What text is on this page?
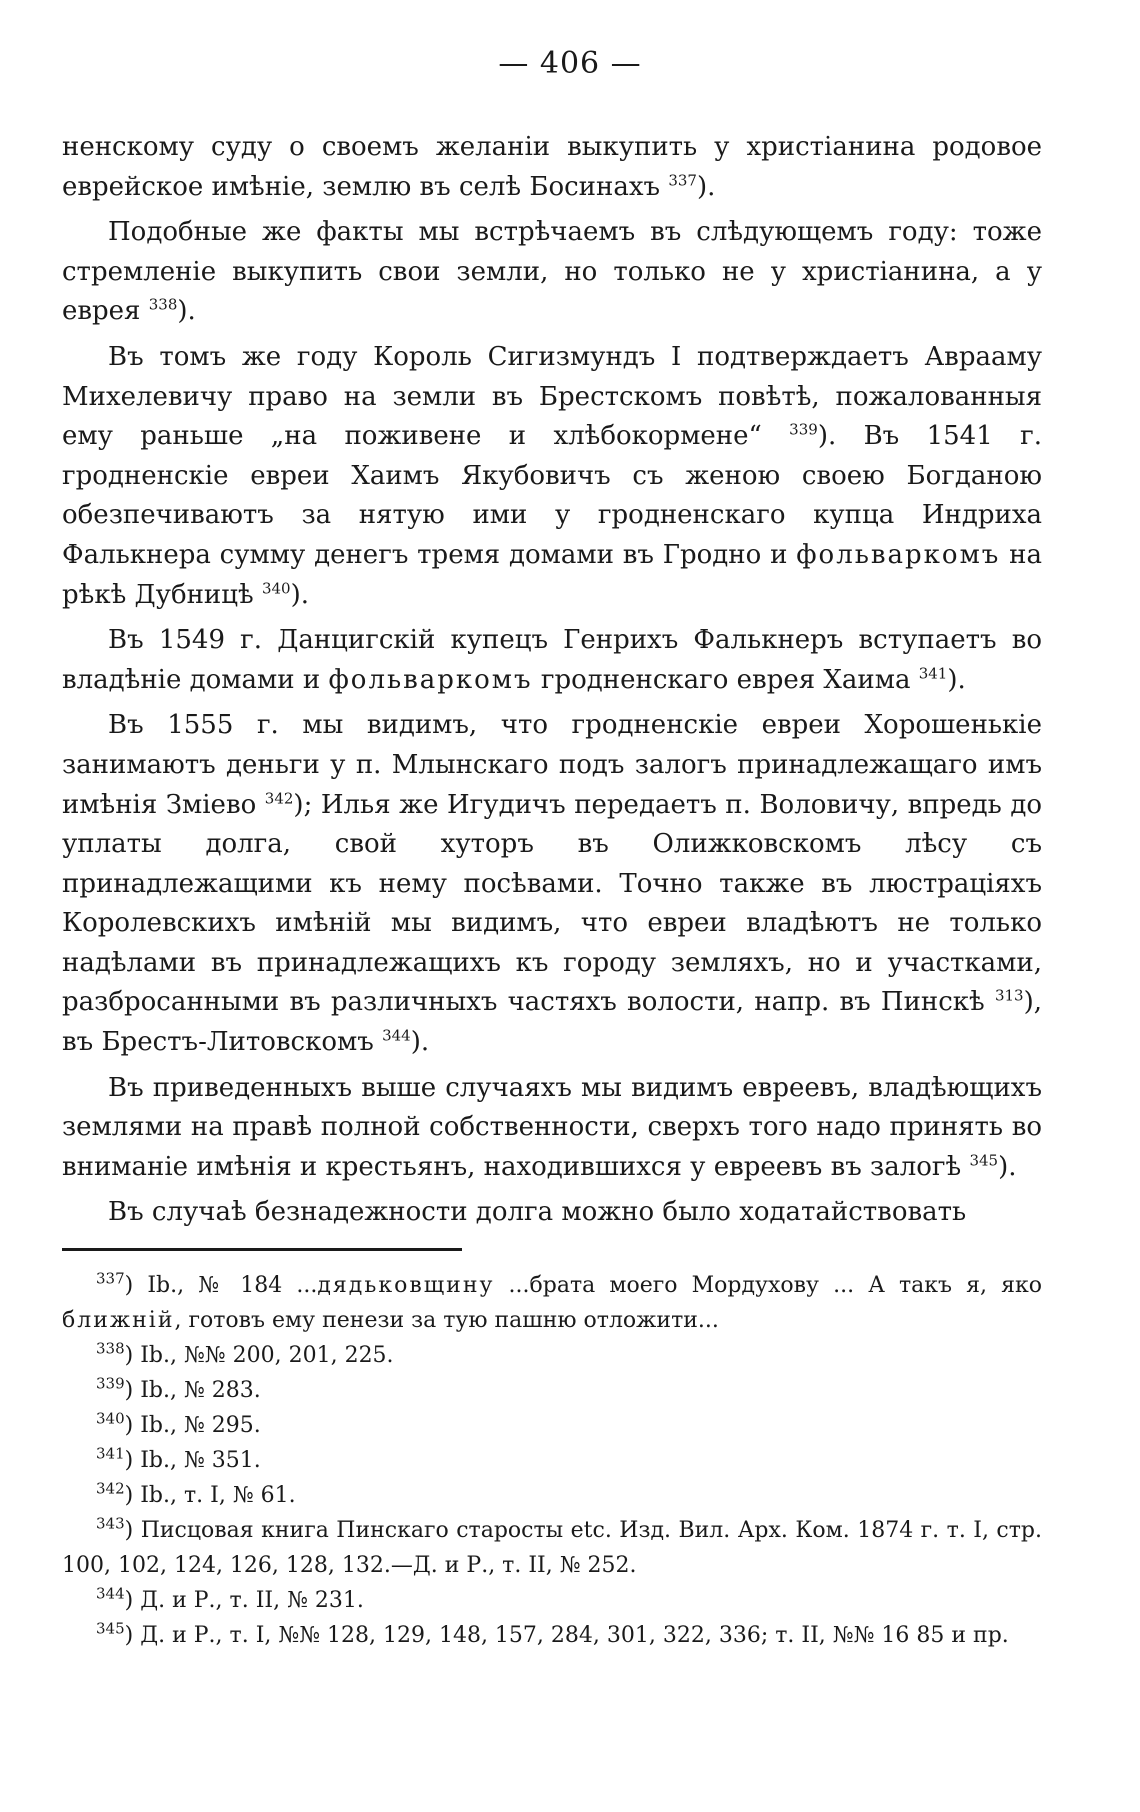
— 406 —

ненскому суду о своемъ желаніи выкупить у христіанина родовое еврейское имѣніе, землю въ селѣ Босинахъ $^{337}$).

Подобные же факты мы встрѣчаемъ въ слѣдующемъ году: тоже стремленіе выкупить свои земли, но только не у христіанина, а у еврея $^{338}$).

Въ томъ же году Король Сигизмундъ I подтверждаетъ Аврааму Михелевичу право на земли въ Брестскомъ повѣтѣ, пожалованныя ему раньше „на поживене и хлѣбокормене“ $^{339}$). Въ 1541 г. гродненскіе евреи Хаимъ Якубовичъ съ женою своею Богданою обезпечиваютъ за нятую ими у гродненскаго купца Индриха Фалькнера сумму денегъ тремя домами въ Гродно и фольваркомъ на рѣкѣ Дубницѣ $^{340}$).

Въ 1549 г. Данцигскій купецъ Генрихъ Фалькнеръ вступаетъ во владѣніе домами и фольваркомъ гродненскаго еврея Хаима $^{341}$).

Въ 1555 г. мы видимъ, что гродненскіе евреи Хорошенькіе занимаютъ деньги у п. Млынскаго подъ залогъ принадлежащаго имъ имѣнія Зміево $^{342}$); Илья же Игудичъ передаетъ п. Воловичу, впредь до уплаты долга, свой хуторъ въ Олижковскомъ лѣсу съ принадлежащими къ нему посѣвами. Точно также въ люстраціяхъ Королевскихъ имѣній мы видимъ, что евреи владѣютъ не только надѣлами въ принадлежащихъ къ городу земляхъ, но и участками, разбросанными въ различныхъ частяхъ волости, напр. въ Пинскѣ $^{313}$), въ Брестъ-Литовскомъ $^{344}$).

Въ приведенныхъ выше случаяхъ мы видимъ евреевъ, владѣющихъ землями на правѣ полной собственности, сверхъ того надо принять во вниманіе имѣнія и крестьянъ, находившихся у евреевъ въ залогѣ $^{345}$).

Въ случаѣ безнадежности долга можно было ходатайствовать

$^{337}$) Ib., № 184 ...дядьковщину ...брата моего Мордухову ... А такъ я, яко ближній, готовъ ему пенези за тую пашню отложити...

$^{338}$) Ib., №№ 200, 201, 225.

$^{339}$) Ib., № 283.

$^{340}$) Ib., № 295.

$^{341}$) Ib., № 351.

$^{342}$) Ib., т. I, № 61.

$^{343}$) Писцовая книга Пинскаго старосты etc. Изд. Вил. Арх. Ком. 1874 г. т. I, стр. 100, 102, 124, 126, 128, 132.—Д. и Р., т. II, № 252.

$^{344}$) Д. и Р., т. II, № 231.

$^{345}$) Д. и Р., т. I, №№ 128, 129, 148, 157, 284, 301, 322, 336; т. II, №№ 16 85 и пр.
